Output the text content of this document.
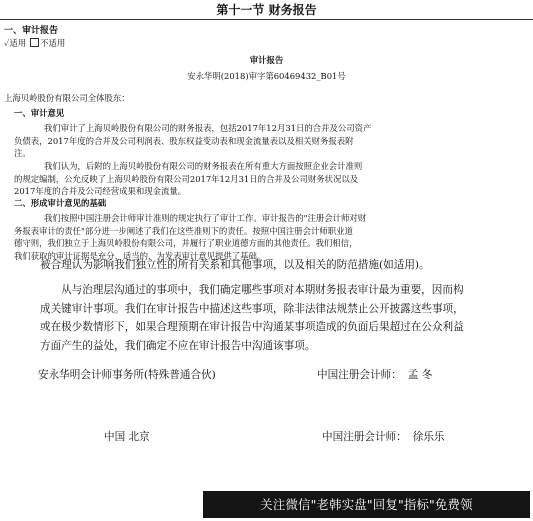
第十一节 财务报告
一、审计报告
✓适用 不适用
审计报告
安永华明(2018)审字第60469432_B01号
上海贝岭股份有限公司全体股东：
一、审计意见
我们审计了上海贝岭股份有限公司的财务报表，包括2017年12月31日的合并及公司资产
负债表，2017年度的合并及公司利润表、股东权益变动表和现金流量表以及相关财务报表附
注。
我们认为，后附的上海贝岭股份有限公司的财务报表在所有重大方面按照企业会计准则
的规定编制，公允反映了上海贝岭股份有限公司2017年12月31日的合并及公司财务状况以及
2017年度的合并及公司经营成果和现金流量。
二、形成审计意见的基础
我们按照中国注册会计师审计准则的规定执行了审计工作。审计报告的"注册会计师对财
务报表审计的责任"部分进一步阐述了我们在这些准则下的责任。按照中国注册会计师职业道
德守则，我们独立于上海贝岭股份有限公司，并履行了职业道德方面的其他责任。我们相信，
我们获取的审计证据是充分、适当的，为发表审计意见提供了基础。
被合理认为影响我们独立性的所有关系和其他事项，以及相关的防范措施(如适用)。
从与治理层沟通过的事项中，我们确定哪些事项对本期财务报表审计最为重要，因而构
成关键审计事项。我们在审计报告中描述这些事项，除非法律法规禁止公开披露这些事项，
或在极少数情形下，如果合理预期在审计报告中沟通某事项造成的负面后果超过在公众利益
方面产生的益处，我们确定不应在审计报告中沟通该事项。
安永华明会计师事务所(特殊普通合伙)	中国注册会计师： 孟 冬
中国 北京	中国注册会计师： 徐乐乐
关注微信"老韩实盘"回复"指标"免费领
